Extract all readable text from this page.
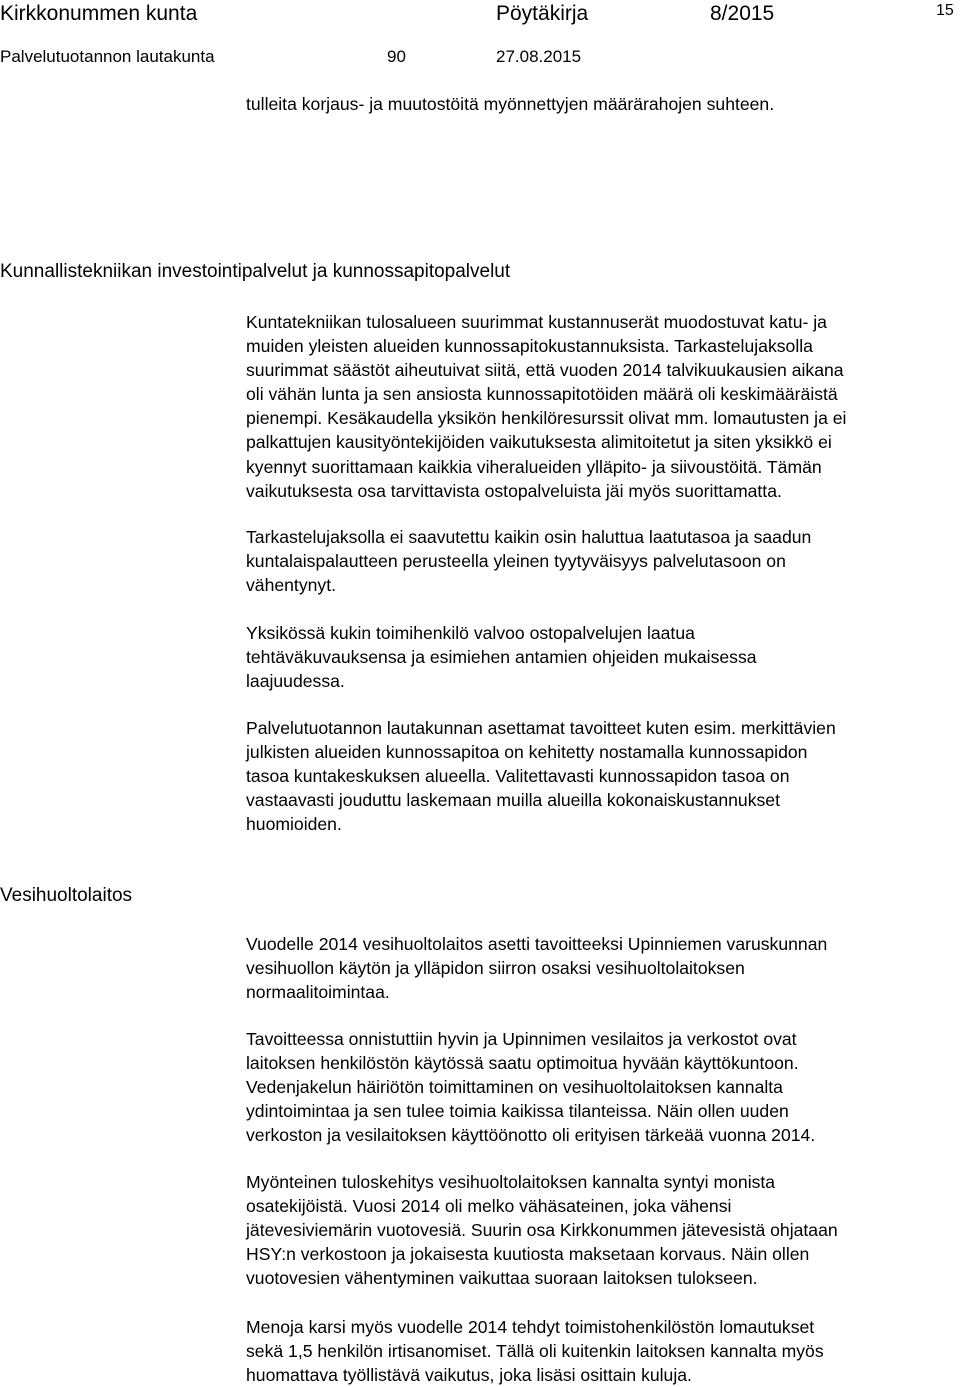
Kirkkonummen kunta	Pöytäkirja	8/2015	15
Palvelutuotannon lautakunta	90	27.08.2015

tulleita korjaus- ja muutostöitä myönnettyjen määrärahojen suhteen.

Kunnallistekniikan investointipalvelut ja kunnossapitopalvelut

Kuntatekniikan tulosalueen suurimmat kustannuserät muodostuvat katu- ja

muiden yleisten alueiden kunnossapitokustannuksista. Tarkastelujaksolla

suurimmat säästöt aiheutuivat siitä, että vuoden 2014 talvikuukausien aikana

oli vähän lunta ja sen ansiosta kunnossapitotöiden määrä oli keskimääräistä

pienempi. Kesäkaudella yksikön henkilöresurssit olivat mm. lomautusten ja ei

palkattujen kausityöntekijöiden vaikutuksesta alimitoitetut ja siten yksikkö ei

kyennyt suorittamaan kaikkia viheralueiden ylläpito- ja siivoustöitä. Tämän

vaikutuksesta osa tarvittavista ostopalveluista jäi myös suorittamatta.

Tarkastelujaksolla ei saavutettu kaikin osin haluttua laatutasoa ja saadun

kuntalaispalautteen perusteella yleinen tyytyväisyys palvelutasoon on

vähentynyt.

Yksikössä kukin toimihenkilö valvoo ostopalvelujen laatua

tehtäväkuvauksensa ja esimiehen antamien ohjeiden mukaisessa

laajuudessa.

Palvelutuotannon lautakunnan asettamat tavoitteet kuten esim. merkittävien

julkisten alueiden kunnossapitoa on kehitetty nostamalla kunnossapidon

tasoa kuntakeskuksen alueella. Valitettavasti kunnossapidon tasoa on

vastaavasti jouduttu laskemaan muilla alueilla kokonaiskustannukset

huomioiden.

Vesihuoltolaitos

Vuodelle 2014 vesihuoltolaitos asetti tavoitteeksi Upinniemen varuskunnan

vesihuollon käytön ja ylläpidon siirron osaksi vesihuoltolaitoksen

normaalitoimintaa.

Tavoitteessa onnistuttiin hyvin ja Upinnimen vesilaitos ja verkostot ovat

laitoksen henkilöstön käytössä saatu optimoitua hyvään käyttökuntoon.

Vedenjakelun häiriötön toimittaminen on vesihuoltolaitoksen kannalta

ydintoimintaa ja sen tulee toimia kaikissa tilanteissa. Näin ollen uuden

verkoston ja vesilaitoksen käyttöönotto oli erityisen tärkeää vuonna 2014.

Myönteinen tuloskehitys vesihuoltolaitoksen kannalta syntyi monista

osatekijöistä. Vuosi 2014 oli melko vähäsateinen, joka vähensi

jätevesiviemärin vuotovesiä. Suurin osa Kirkkonummen jätevesistä ohjataan

HSY:n verkostoon ja jokaisesta kuutiosta maksetaan korvaus. Näin ollen

vuotovesien vähentyminen vaikuttaa suoraan laitoksen tulokseen.

Menoja karsi myös vuodelle 2014 tehdyt toimistohenkilöstön lomautukset

sekä 1,5 henkilön irtisanomiset. Tällä oli kuitenkin laitoksen kannalta myös

huomattava työllistävä vaikutus, joka lisäsi osittain kuluja.
